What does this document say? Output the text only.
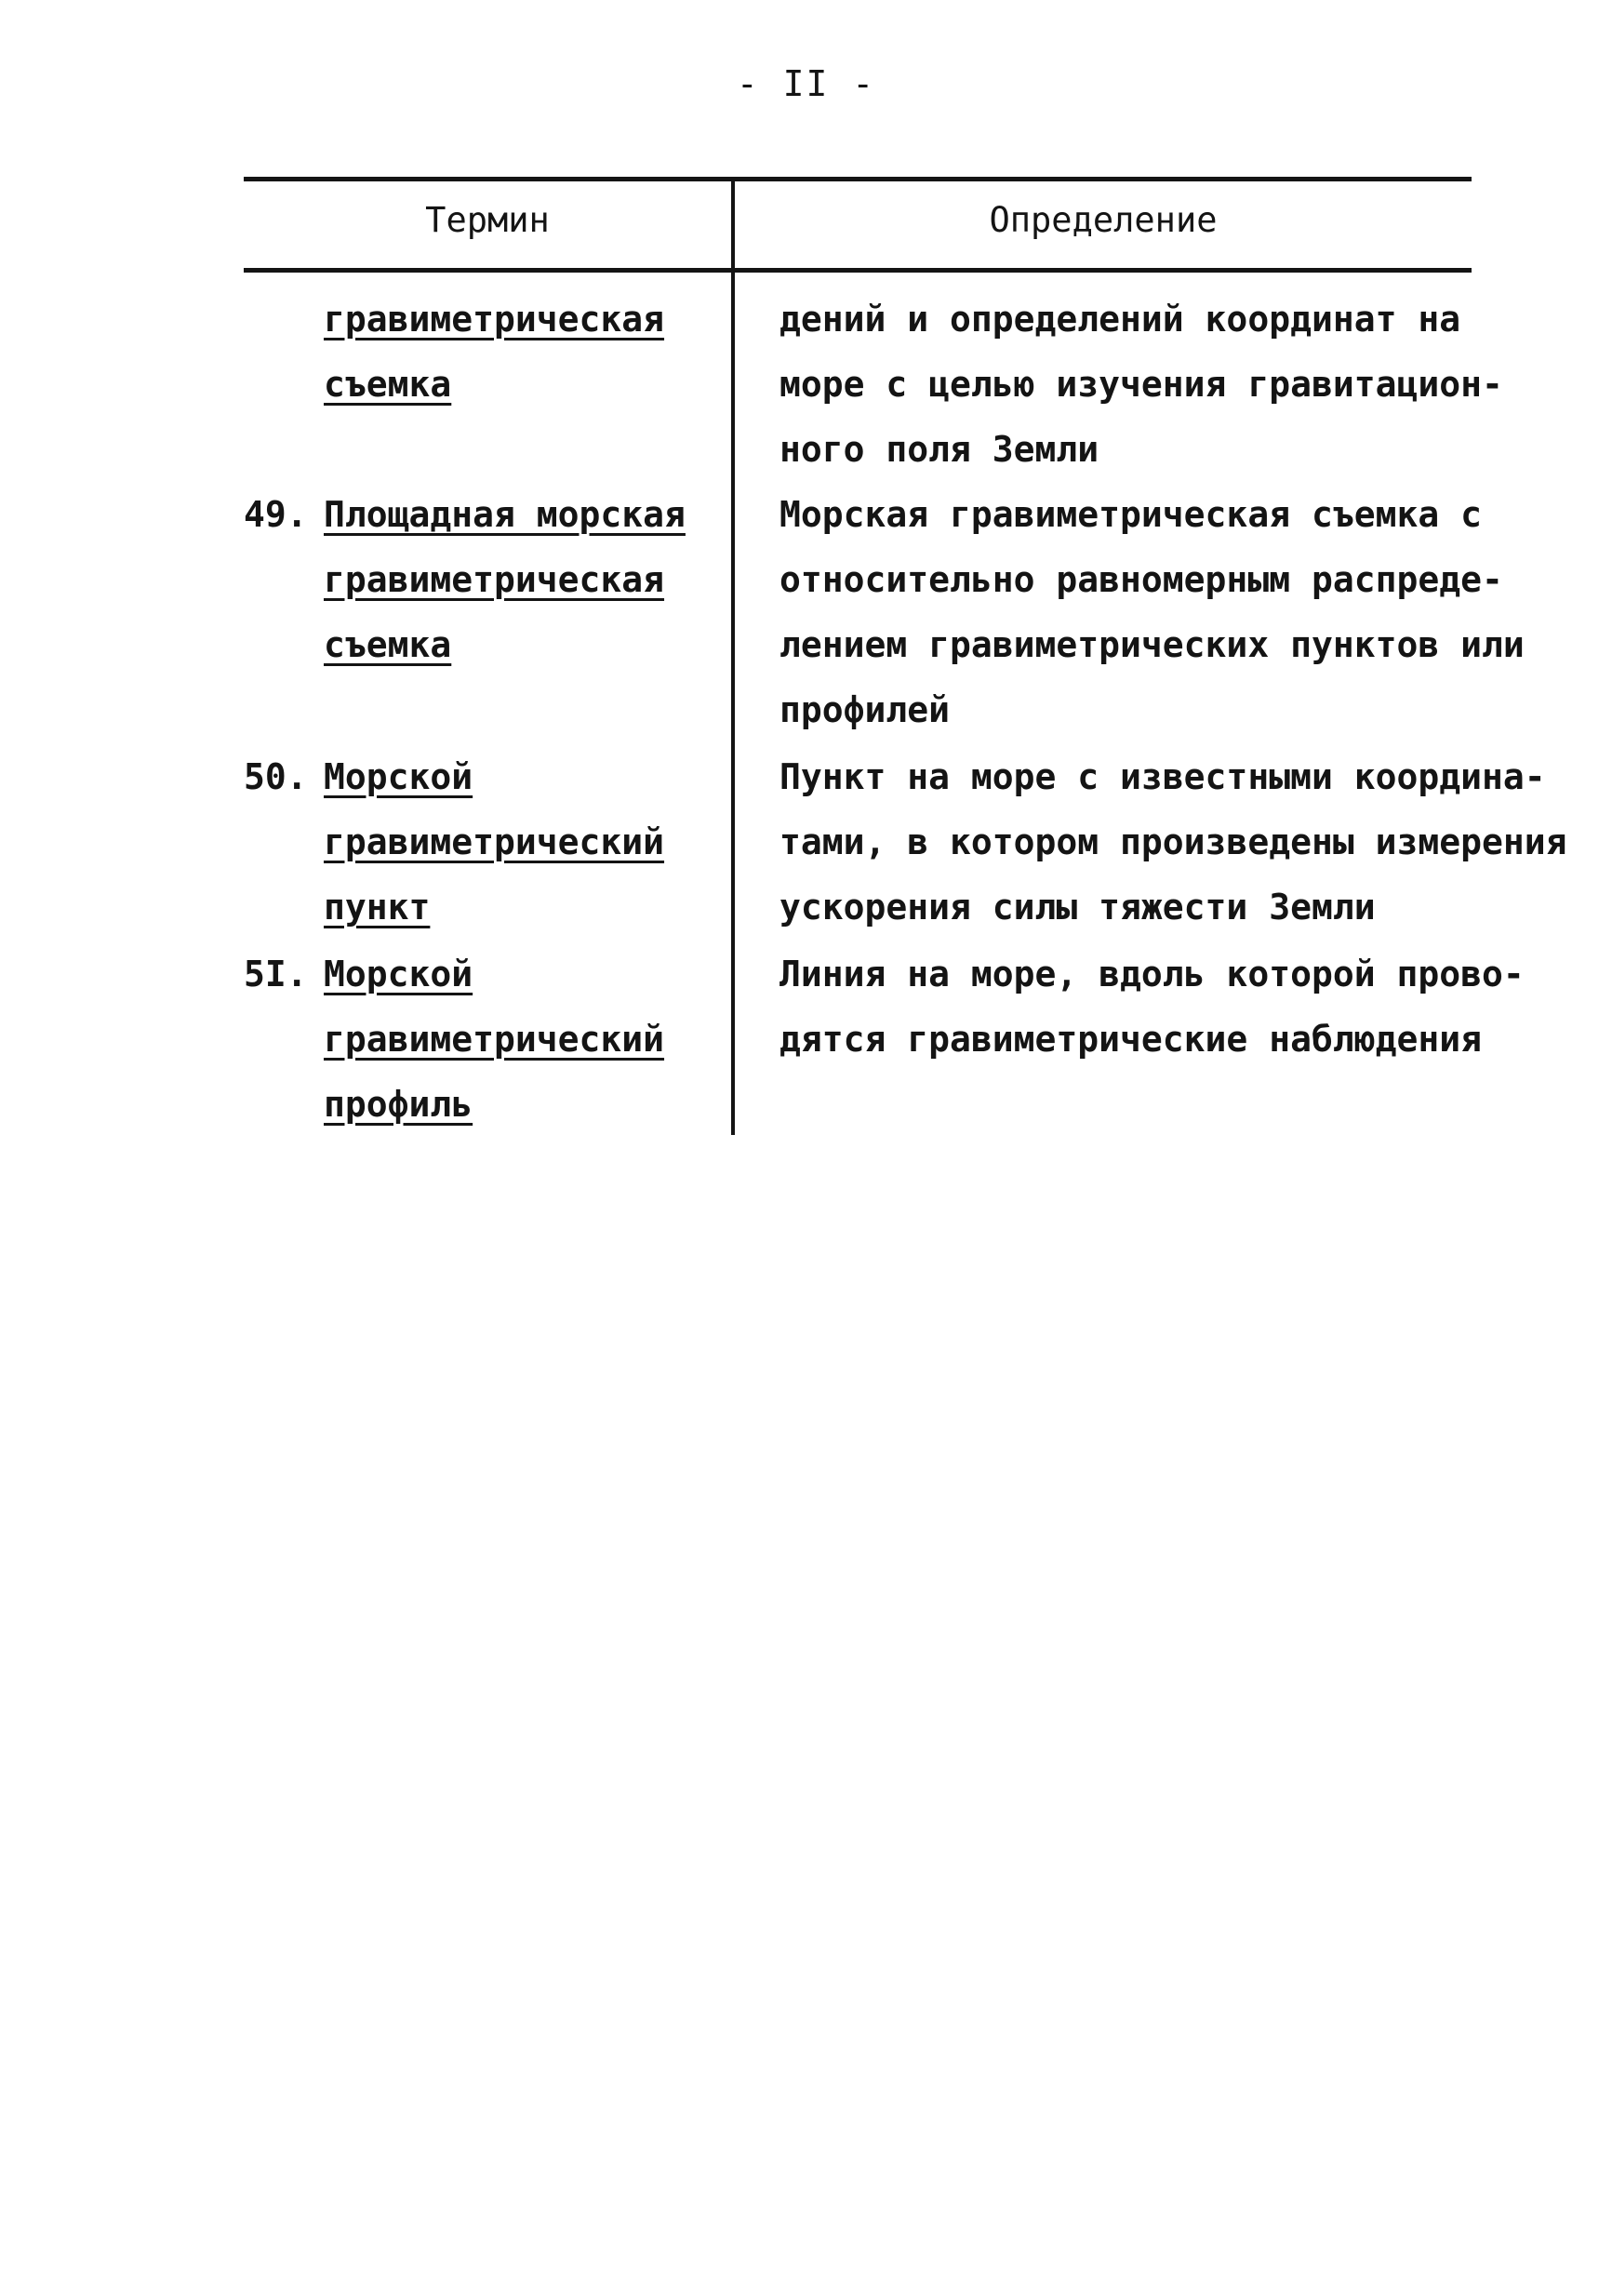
- II -
Термин	Определение
гравиметрическая
съемка
дений и определений координат на
море с целью изучения гравитацион-
ного поля Земли
49. Площадная морская
гравиметрическая
съемка
Морская гравиметрическая съемка с
относительно равномерным распреде-
лением гравиметрических пунктов или
профилей
50. Морской
гравиметрический
пункт
Пункт на море с известными координа-
тами, в котором произведены измерения
ускорения силы тяжести Земли
5I. Морской
гравиметрический
профиль
Линия на море, вдоль которой прово-
дятся гравиметрические наблюдения
